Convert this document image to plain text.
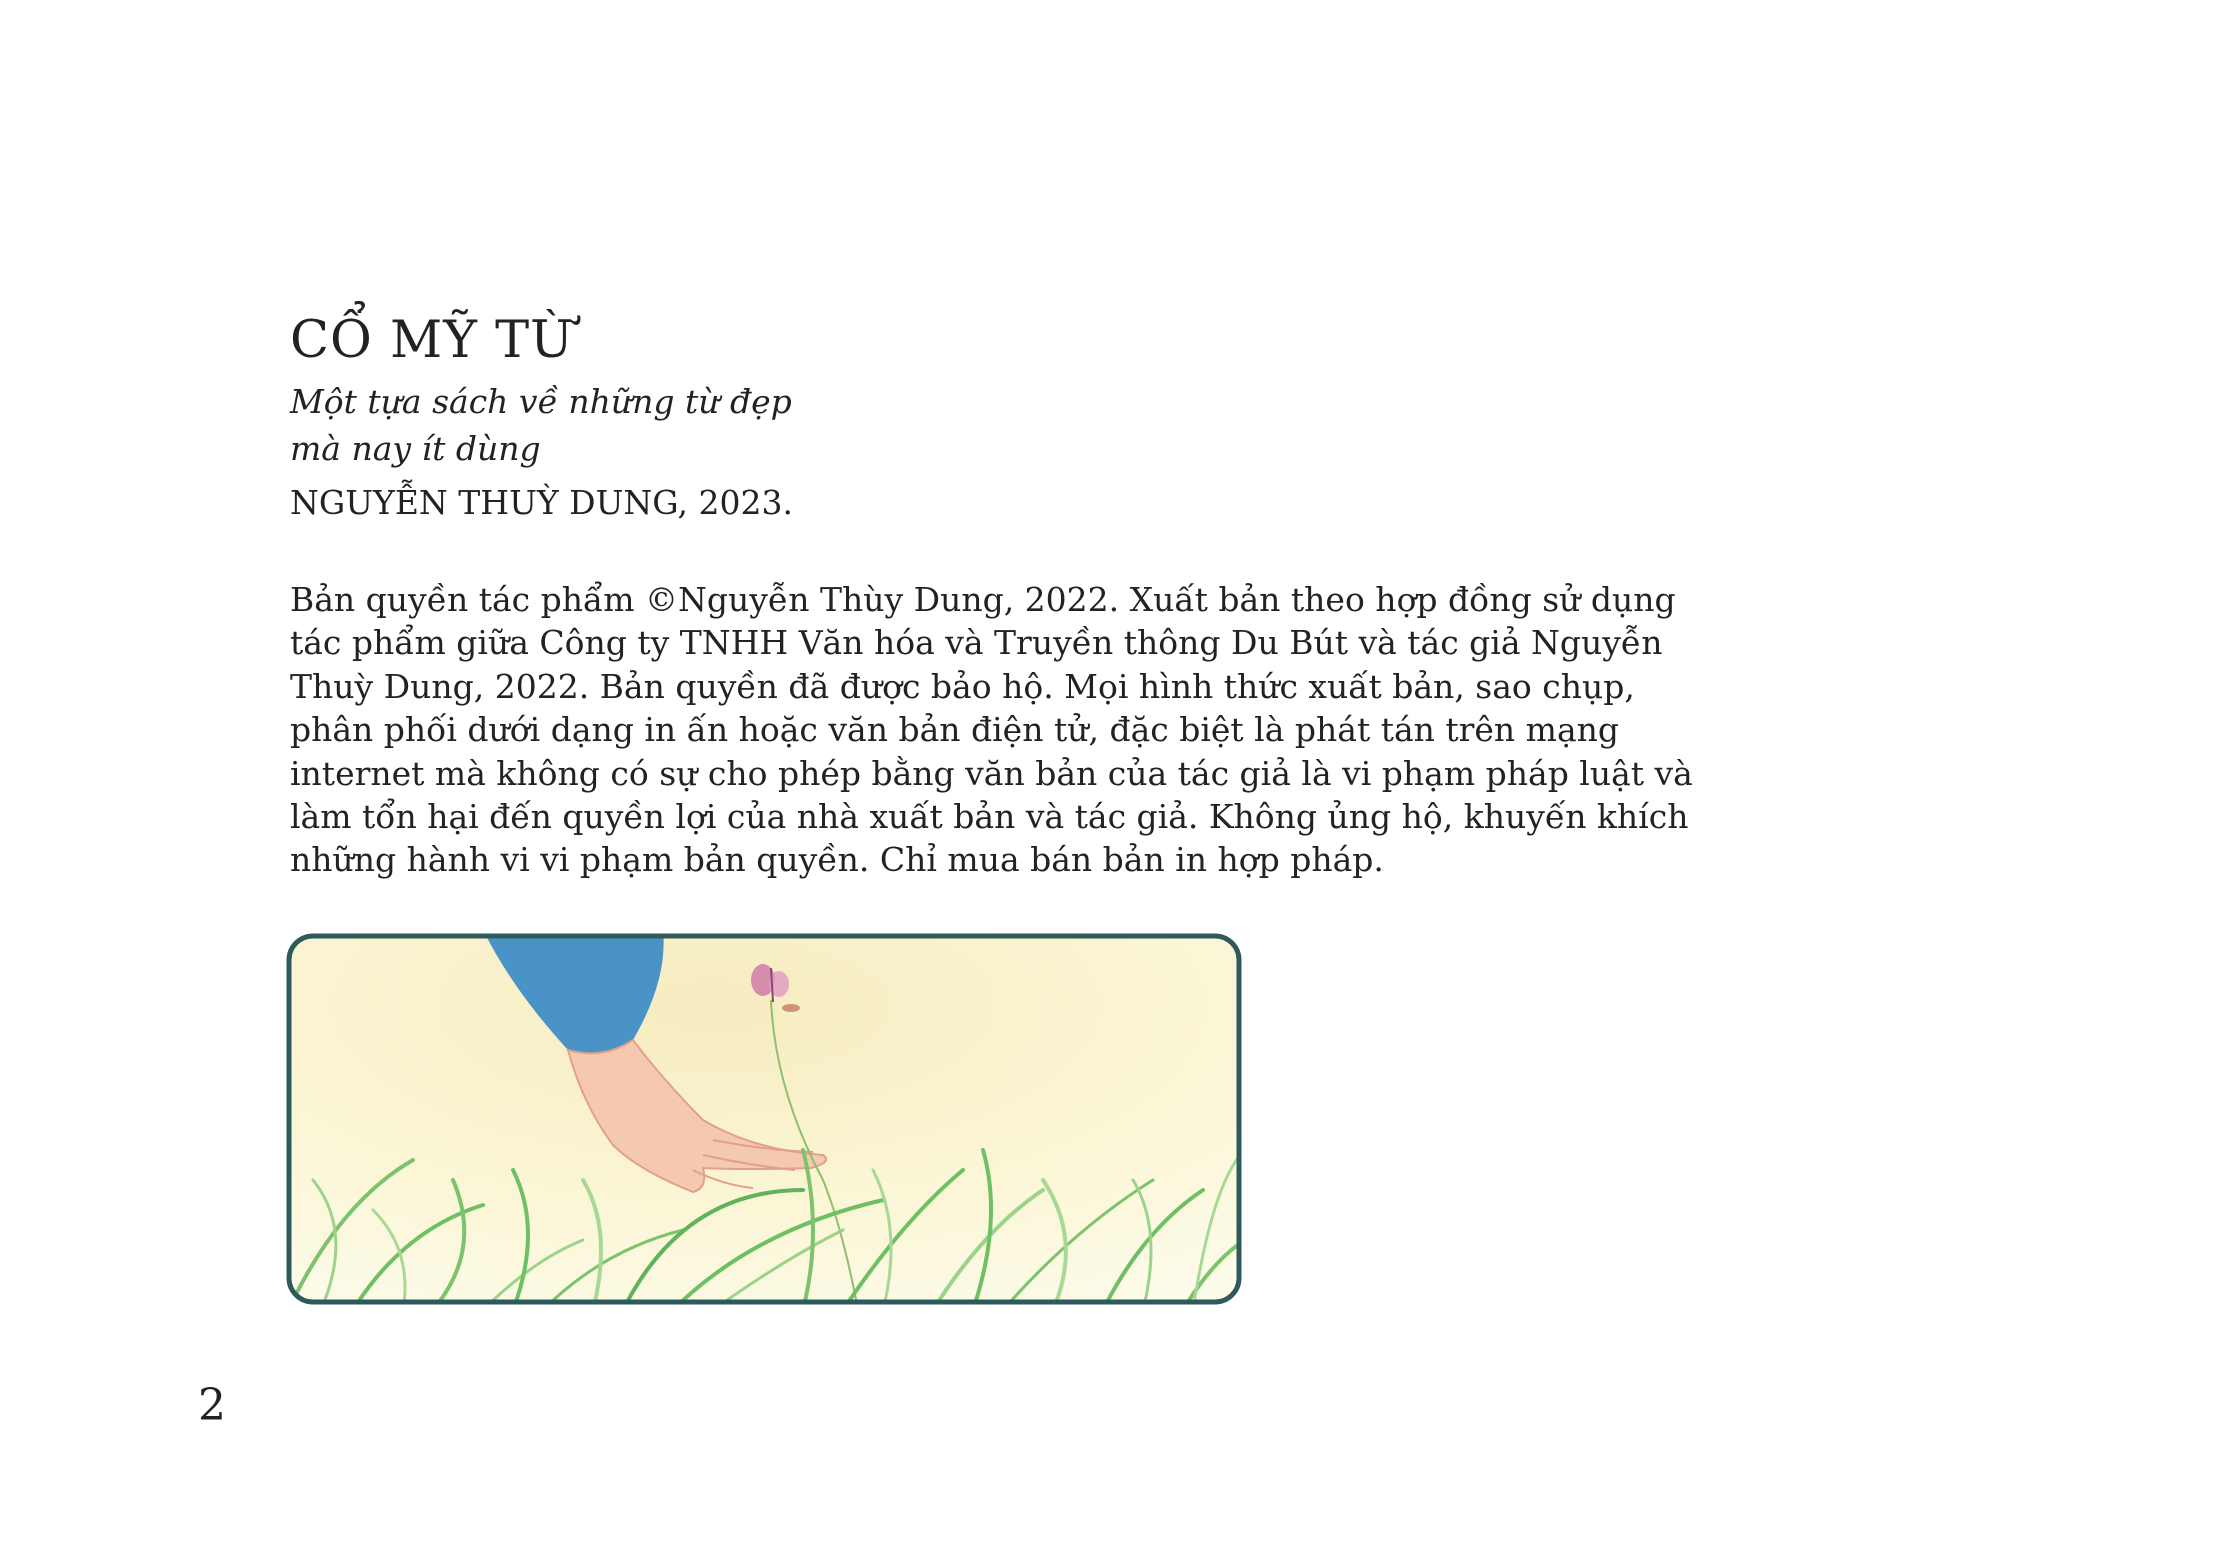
CỔ MỸ TỪ
Một tựa sách về những từ đẹp
mà nay ít dùng

NGUYỄN THUỲ DUNG, 2023.

Bản quyền tác phẩm ©Nguyễn Thùy Dung, 2022. Xuất bản theo hợp đồng sử dụng
tác phẩm giữa Công ty TNHH Văn hóa và Truyền thông Du Bút và tác giả Nguyễn
Thuỳ Dung, 2022. Bản quyền đã được bảo hộ. Mọi hình thức xuất bản, sao chụp,
phân phối dưới dạng in ấn hoặc văn bản điện tử, đặc biệt là phát tán trên mạng
internet mà không có sự cho phép bằng văn bản của tác giả là vi phạm pháp luật và
làm tổn hại đến quyền lợi của nhà xuất bản và tác giả. Không ủng hộ, khuyến khích
những hành vi vi phạm bản quyền. Chỉ mua bán bản in hợp pháp.

2
